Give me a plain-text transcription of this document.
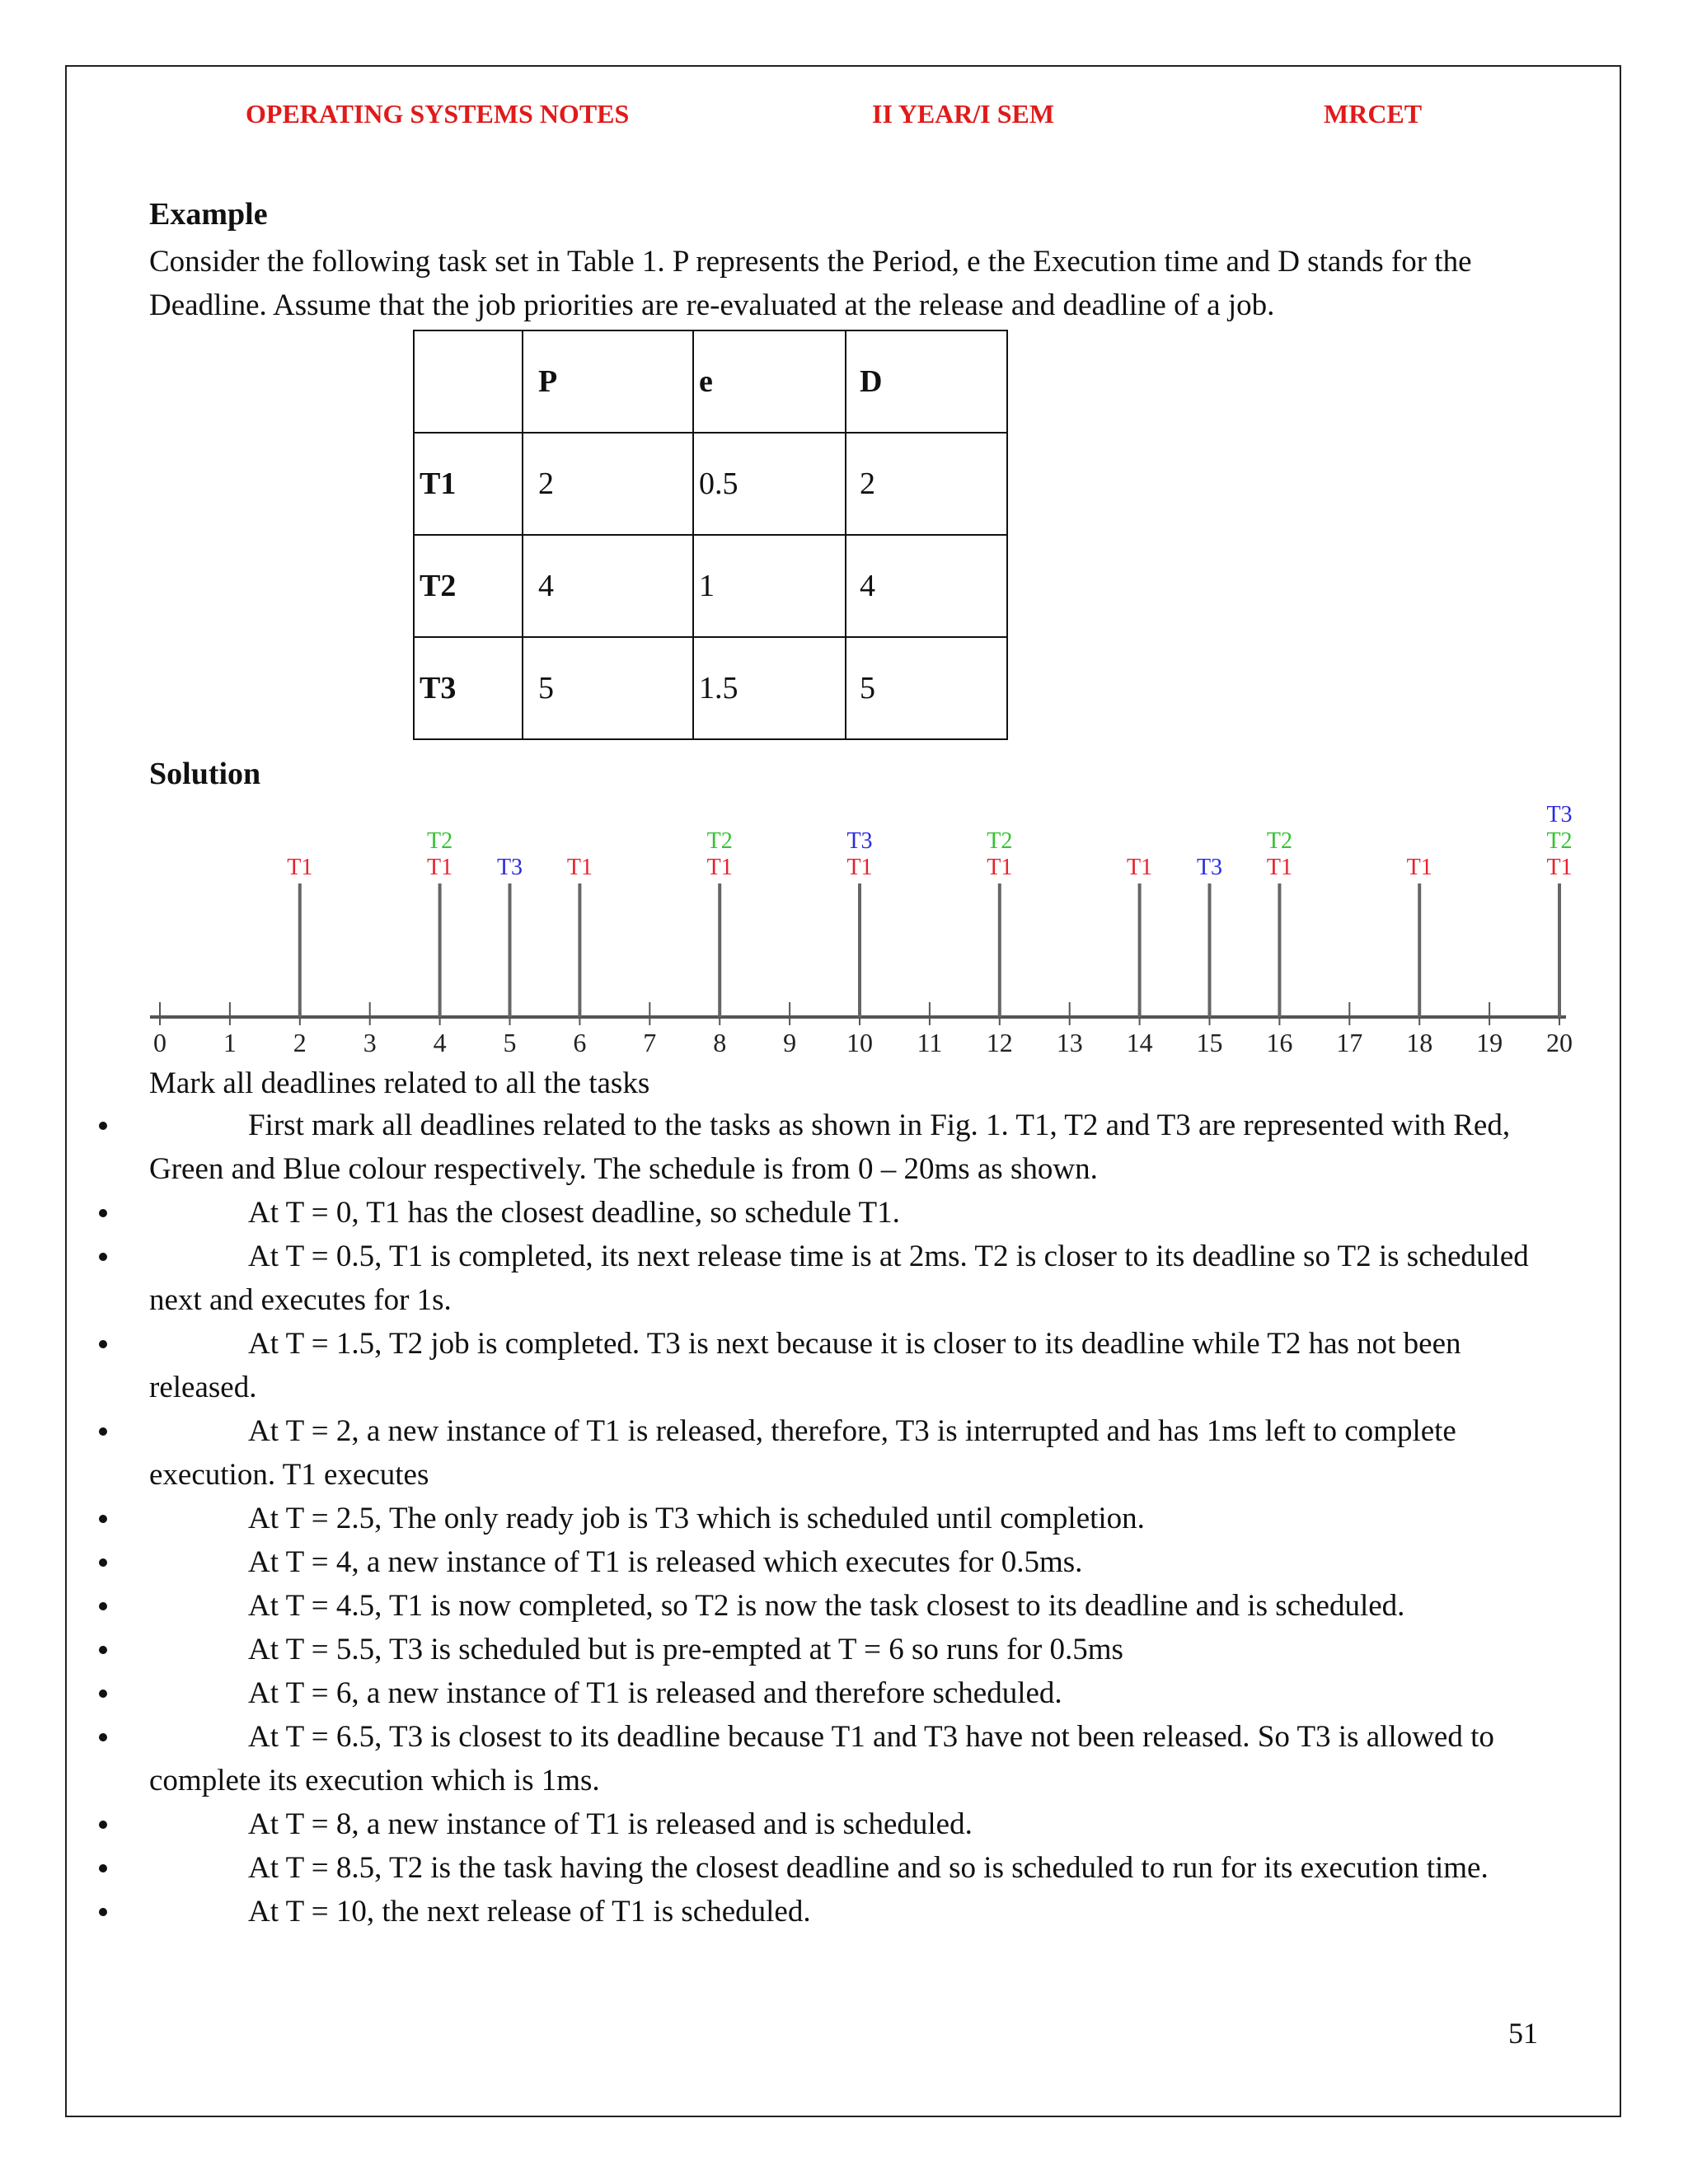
OPERATING SYSTEMS NOTES	II YEAR/I SEM	MRCET
Example
Consider the following task set in Table 1. P represents the Period, e the Execution time and D stands for the Deadline. Assume that the job priorities are re-evaluated at the release and deadline of a job.
	P	e	D
T1	2	0.5	2
T2	4	1	4
T3	5	1.5	5
Solution
0 1 2 3 4 5 6 7 8 9 10 11 12 13 14 15 16 17 18 19 20
T1	T1
T2
T3 T1	T1
T2
T1
T3
T1
T2
T1 T3 T1
T2
T1	T1
T2
T3
Mark all deadlines related to all the tasks
First mark all deadlines related to the tasks as shown in Fig. 1. T1, T2 and T3 are represented with Red, Green and Blue colour respectively. The schedule is from 0 – 20ms as shown.
At T = 0, T1 has the closest deadline, so schedule T1.
At T = 0.5, T1 is completed, its next release time is at 2ms. T2 is closer to its deadline so T2 is scheduled next and executes for 1s.
At T = 1.5, T2 job is completed. T3 is next because it is closer to its deadline while T2 has not been released.
At T = 2, a new instance of T1 is released, therefore, T3 is interrupted and has 1ms left to complete execution. T1 executes
At T = 2.5, The only ready job is T3 which is scheduled until completion.
At T = 4, a new instance of T1 is released which executes for 0.5ms.
At T = 4.5, T1 is now completed, so T2 is now the task closest to its deadline and is scheduled.
At T = 5.5, T3 is scheduled but is pre-empted at T = 6 so runs for 0.5ms
At T = 6, a new instance of T1 is released and therefore scheduled.
At T = 6.5, T3 is closest to its deadline because T1 and T3 have not been released. So T3 is allowed to complete its execution which is 1ms.
At T = 8, a new instance of T1 is released and is scheduled.
At T = 8.5, T2 is the task having the closest deadline and so is scheduled to run for its execution time.
At T = 10, the next release of T1 is scheduled.
51
